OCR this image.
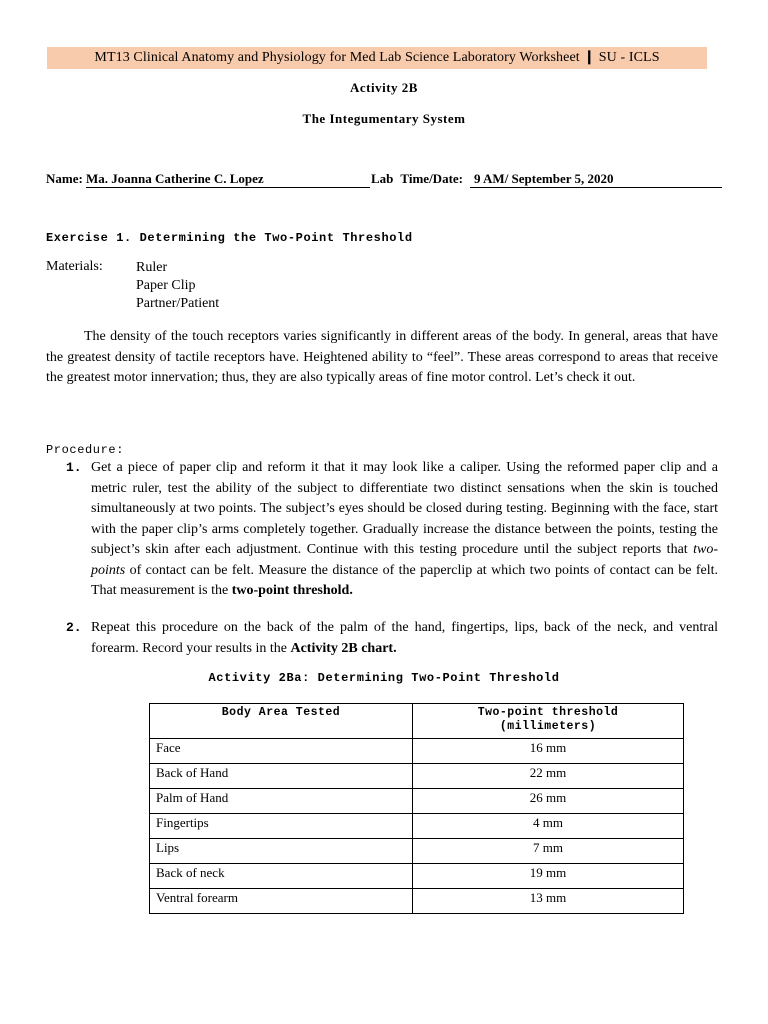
MT13 Clinical Anatomy and Physiology for Med Lab Science Laboratory Worksheet ❙ SU - ICLS
Activity 2B
The Integumentary System
Name: Ma. Joanna Catherine C. Lopez	Lab Time/Date: 9 AM/ September 5, 2020
Exercise 1. Determining the Two-Point Threshold
Materials: Ruler
Paper Clip
Partner/Patient
The density of the touch receptors varies significantly in different areas of the body. In general, areas that have the greatest density of tactile receptors have. Heightened ability to “feel”. These areas correspond to areas that receive the greatest motor innervation; thus, they are also typically areas of fine motor control. Let’s check it out.
Procedure:
1. Get a piece of paper clip and reform it that it may look like a caliper. Using the reformed paper clip and a metric ruler, test the ability of the subject to differentiate two distinct sensations when the skin is touched simultaneously at two points. The subject’s eyes should be closed during testing. Beginning with the face, start with the paper clip’s arms completely together. Gradually increase the distance between the points, testing the subject’s skin after each adjustment. Continue with this testing procedure until the subject reports that two-points of contact can be felt. Measure the distance of the paperclip at which two points of contact can be felt. That measurement is the two-point threshold.
2. Repeat this procedure on the back of the palm of the hand, fingertips, lips, back of the neck, and ventral forearm. Record your results in the Activity 2B chart.
Activity 2Ba: Determining Two-Point Threshold
Body Area Tested	Two-point threshold
(millimeters)

Face	16 mm
Back of Hand	22 mm
Palm of Hand	26 mm
Fingertips	4 mm
Lips	7 mm
Back of neck	19 mm
Ventral forearm	13 mm
